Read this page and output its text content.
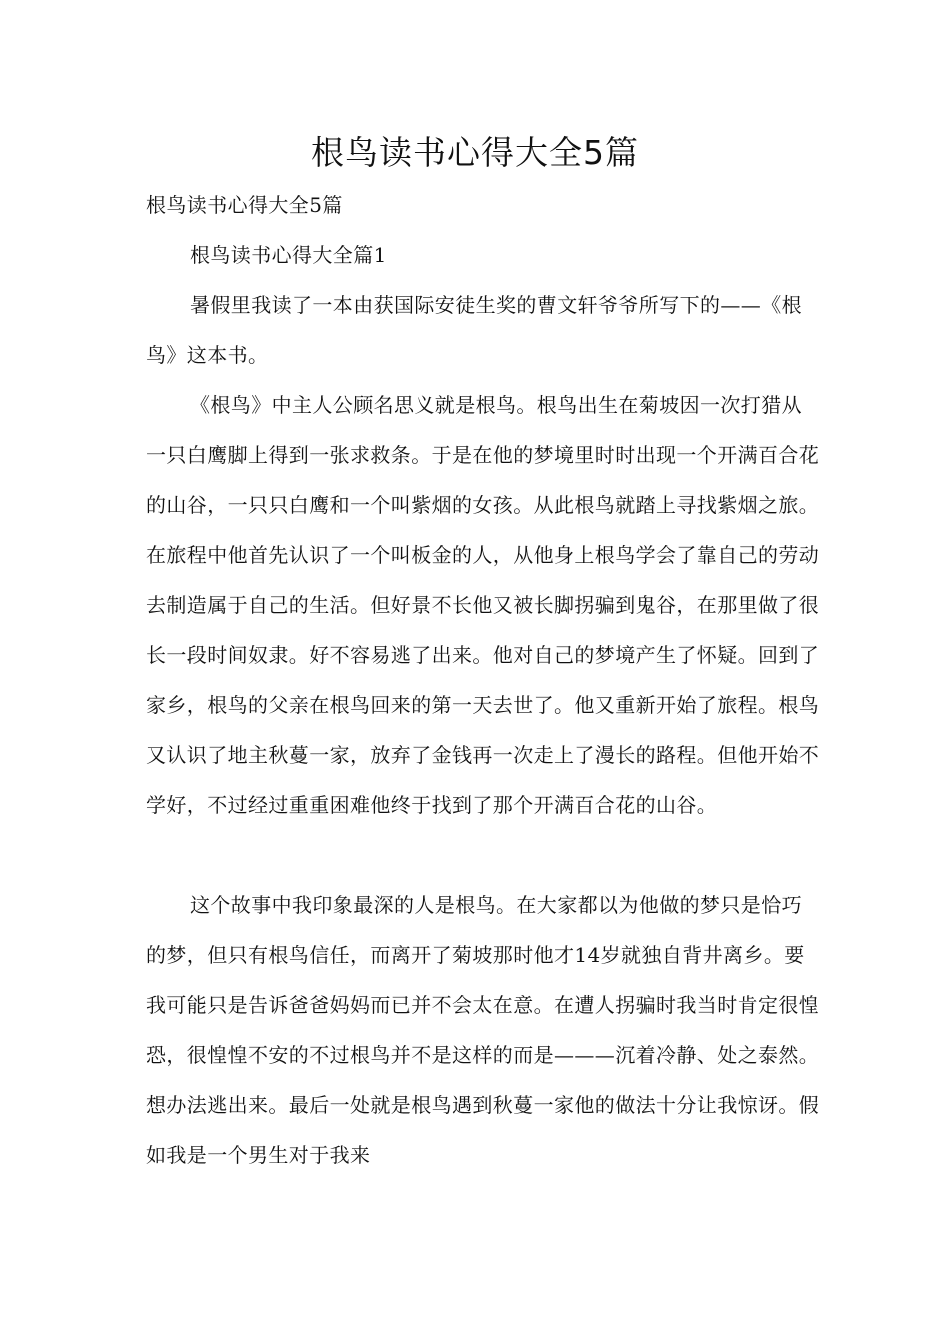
根鸟读书心得大全5篇

根鸟读书心得大全5篇

根鸟读书心得大全篇1

暑假里我读了一本由获国际安徒生奖的曹文轩爷爷所写下的——《根鸟》这本书。

《根鸟》中主人公顾名思义就是根鸟。根鸟出生在菊坡因一次打猎从一只白鹰脚上得到一张求救条。于是在他的梦境里时时出现一个开满百合花的山谷，一只只白鹰和一个叫紫烟的女孩。从此根鸟就踏上寻找紫烟之旅。在旅程中他首先认识了一个叫板金的人，从他身上根鸟学会了靠自己的劳动去制造属于自己的生活。但好景不长他又被长脚拐骗到鬼谷，在那里做了很长一段时间奴隶。好不容易逃了出来。他对自己的梦境产生了怀疑。回到了家乡，根鸟的父亲在根鸟回来的第一天去世了。他又重新开始了旅程。根鸟又认识了地主秋蔓一家，放弃了金钱再一次走上了漫长的路程。但他开始不学好，不过经过重重困难他终于找到了那个开满百合花的山谷。

这个故事中我印象最深的人是根鸟。在大家都以为他做的梦只是恰巧的梦，但只有根鸟信任，而离开了菊坡那时他才14岁就独自背井离乡。要我可能只是告诉爸爸妈妈而已并不会太在意。在遭人拐骗时我当时肯定很惶恐，很惶惶不安的不过根鸟并不是这样的而是———沉着冷静、处之泰然。想办法逃出来。最后一处就是根鸟遇到秋蔓一家他的做法十分让我惊讶。假如我是一个男生对于我来
